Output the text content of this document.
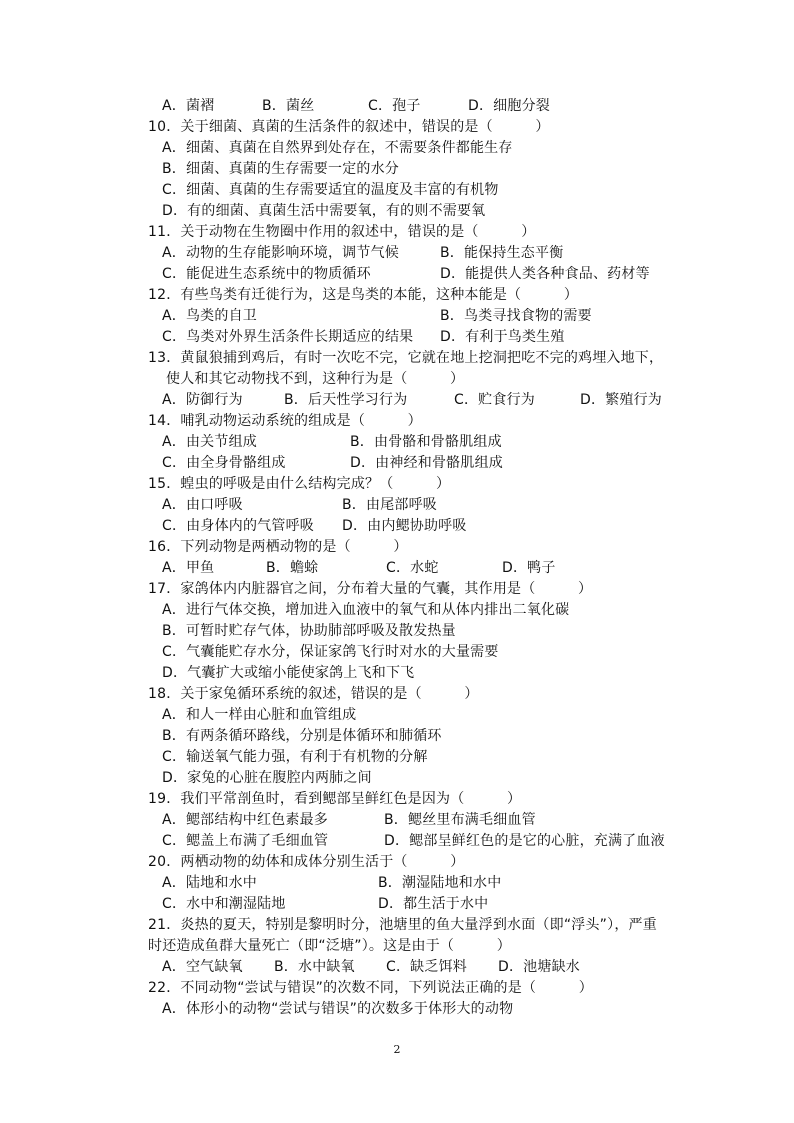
A．菌褶	B．菌丝	C．孢子	D．细胞分裂
10．关于细菌、真菌的生活条件的叙述中，错误的是（　　　）
A．细菌、真菌在自然界到处存在，不需要条件都能生存
B．细菌、真菌的生存需要一定的水分
C．细菌、真菌的生存需要适宜的温度及丰富的有机物
D．有的细菌、真菌生活中需要氧，有的则不需要氧
11．关于动物在生物圈中作用的叙述中，错误的是（　　　）
A．动物的生存能影响环境，调节气候	B．能保持生态平衡
C．能促进生态系统中的物质循环	D．能提供人类各种食品、药材等
12．有些鸟类有迁徙行为，这是鸟类的本能，这种本能是（　　　）
A．鸟类的自卫	B．鸟类寻找食物的需要
C．鸟类对外界生活条件长期适应的结果 D．有利于鸟类生殖
13．黄鼠狼捕到鸡后，有时一次吃不完，它就在地上挖洞把吃不完的鸡埋入地下，
使人和其它动物找不到，这种行为是（　　　）
A．防御行为	B．后天性学习行为	C．贮食行为	D．繁殖行为
14．哺乳动物运动系统的组成是（　　　）
A．由关节组成	B．由骨骼和骨骼肌组成
C．由全身骨骼组成	D．由神经和骨骼肌组成
15．蝗虫的呼吸是由什么结构完成？（　　　）
A．由口呼吸	B．由尾部呼吸
C．由身体内的气管呼吸 D．由内鳃协助呼吸
16．下列动物是两栖动物的是（　　　）
A．甲鱼	B．蟾蜍	C．水蛇	D．鸭子
17．家鸽体内内脏器官之间，分布着大量的气囊，其作用是（　　　）
A．进行气体交换，增加进入血液中的氧气和从体内排出二氧化碳
B．可暂时贮存气体，协助肺部呼吸及散发热量
C．气囊能贮存水分，保证家鸽飞行时对水的大量需要
D．气囊扩大或缩小能使家鸽上飞和下飞
18．关于家兔循环系统的叙述，错误的是（　　　）
A．和人一样由心脏和血管组成
B．有两条循环路线，分别是体循环和肺循环
C．输送氧气能力强，有利于有机物的分解
D．家兔的心脏在腹腔内两肺之间
19．我们平常剖鱼时，看到鳃部呈鲜红色是因为（　　　）
A．鳃部结构中红色素最多	B．鳃丝里布满毛细血管
C．鳃盖上布满了毛细血管	D．鳃部呈鲜红色的是它的心脏，充满了血液
20．两栖动物的幼体和成体分别生活于（　　　）
A．陆地和水中	B．潮湿陆地和水中
C．水中和潮湿陆地	D．都生活于水中
21．炎热的夏天，特别是黎明时分，池塘里的鱼大量浮到水面（即“浮头”），严重
时还造成鱼群大量死亡（即“泛塘”）。这是由于（　　　）
A．空气缺氧 B．水中缺氧 C．缺乏饵料 D．池塘缺水
22．不同动物“尝试与错误”的次数不同，下列说法正确的是（　　　）
A．体形小的动物“尝试与错误”的次数多于体形大的动物
2
